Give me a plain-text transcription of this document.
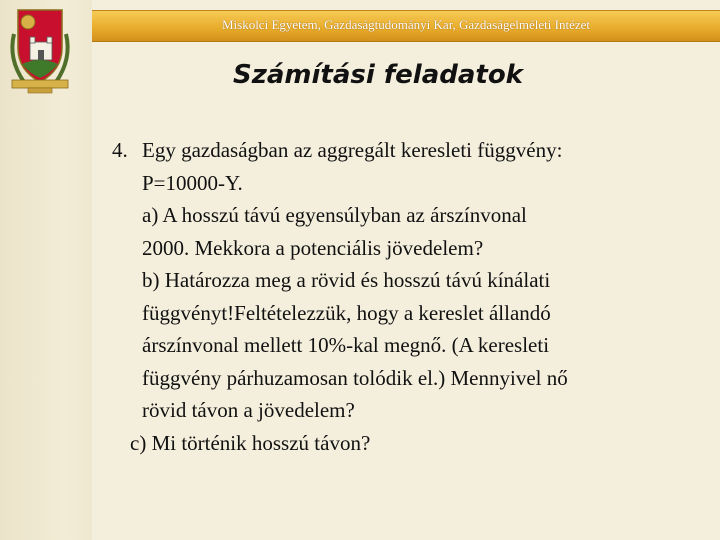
Miskolci Egyetem, Gazdaságtudományi Kar, Gazdaságelméleti Intézet
Számítási feladatok
4. Egy gazdaságban az aggregált keresleti függvény:
P=10000-Y.
a) A hosszú távú egyensúlyban az árszínvonal
2000. Mekkora a potenciális jövedelem?
b) Határozza meg a rövid és hosszú távú kínálati
függvényt!Feltételezzük, hogy a kereslet állandó
árszínvonal mellett 10%-kal megnő. (A keresleti
függvény párhuzamosan tolódik el.) Mennyivel nő
rövid távon a jövedelem?
c) Mi történik hosszú távon?
